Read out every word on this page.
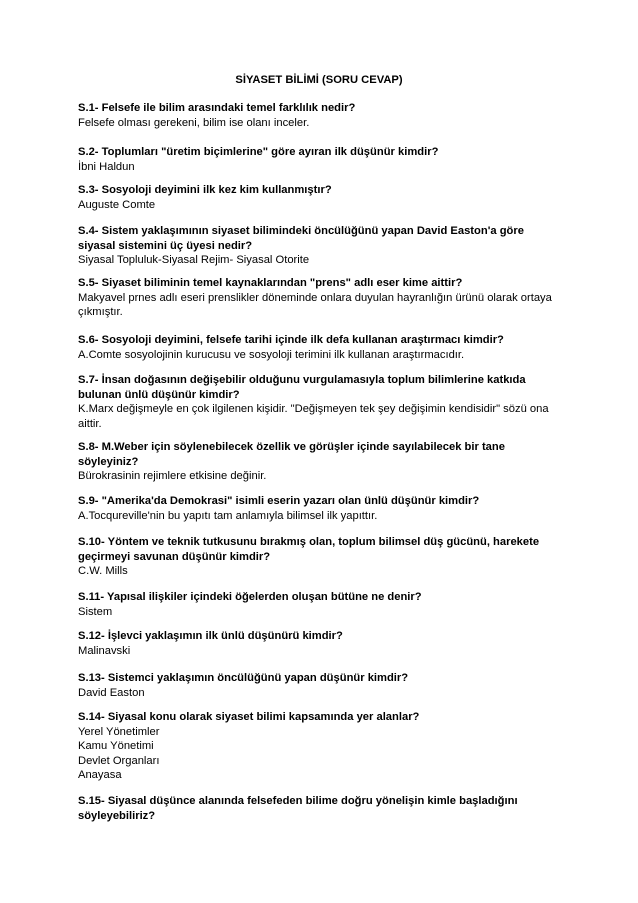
SİYASET BİLİMİ (SORU CEVAP)
S.1- Felsefe ile bilim arasındaki temel farklılık nedir?
Felsefe olması gerekeni, bilim ise olanı inceler.
S.2- Toplumları "üretim biçimlerine" göre ayıran ilk düşünür kimdir?
İbni Haldun
S.3- Sosyoloji deyimini ilk kez kim kullanmıştır?
Auguste Comte
S.4- Sistem yaklaşımının siyaset bilimindeki öncülüğünü yapan David Easton'a göre siyasal sistemini üç üyesi nedir?
Siyasal Topluluk-Siyasal Rejim- Siyasal Otorite
S.5- Siyaset biliminin temel kaynaklarından "prens" adlı eser kime aittir?
Makyavel prnes adlı eseri prenslikler döneminde onlara duyulan hayranlığın ürünü olarak ortaya çıkmıştır.
S.6- Sosyoloji deyimini, felsefe tarihi içinde ilk defa kullanan araştırmacı kimdir?
A.Comte sosyolojinin kurucusu ve sosyoloji terimini ilk kullanan araştırmacıdır.
S.7- İnsan doğasının değişebilir olduğunu vurgulamasıyla toplum bilimlerine katkıda bulunan ünlü düşünür kimdir?
K.Marx değişmeyle en çok ilgilenen kişidir. "Değişmeyen tek şey değişimin kendisidir" sözü ona aittir.
S.8- M.Weber için söylenebilecek özellik ve görüşler içinde sayılabilecek bir tane söyleyiniz?
Bürokrasinin rejimlere etkisine değinir.
S.9- "Amerika'da Demokrasi" isimli eserin yazarı olan ünlü düşünür kimdir?
A.Tocqureville'nin bu yapıtı tam anlamıyla bilimsel ilk yapıttır.
S.10- Yöntem ve teknik tutkusunu bırakmış olan, toplum bilimsel düş gücünü, harekete geçirmeyi savunan düşünür kimdir?
C.W. Mills
S.11- Yapısal ilişkiler içindeki öğelerden oluşan bütüne ne denir?
Sistem
S.12- İşlevci yaklaşımın ilk ünlü düşünürü kimdir?
Malinavski
S.13- Sistemci yaklaşımın öncülüğünü yapan düşünür kimdir?
David Easton
S.14- Siyasal konu olarak siyaset bilimi kapsamında yer alanlar?
Yerel Yönetimler
Kamu Yönetimi
Devlet Organları
Anayasa
S.15- Siyasal düşünce alanında felsefeden bilime doğru yönelişin kimle başladığını söyleyebiliriz?
